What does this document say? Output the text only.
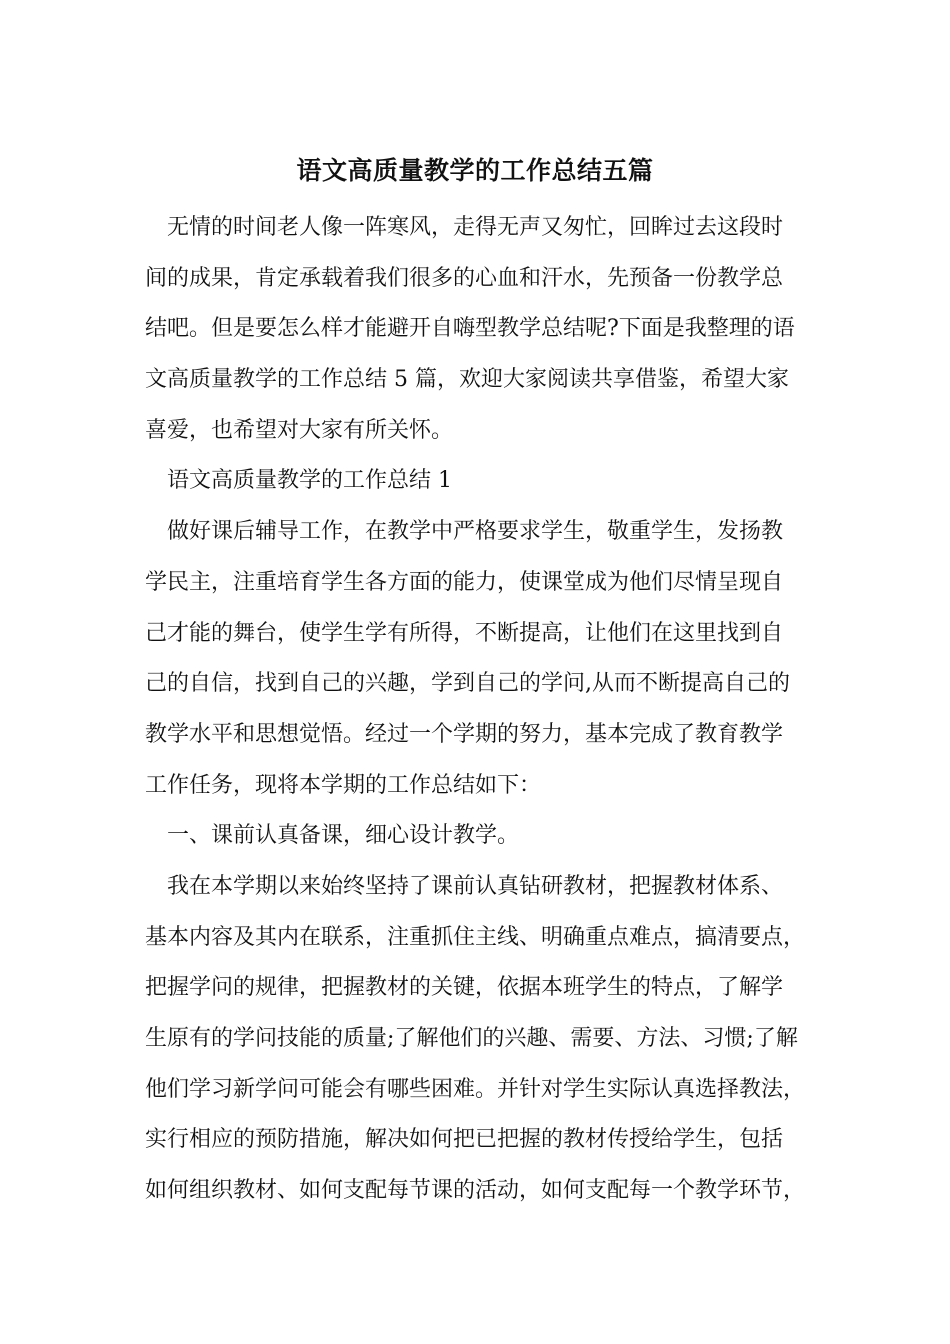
语文高质量教学的工作总结五篇
无情的时间老人像一阵寒风，走得无声又匆忙，回眸过去这段时
间的成果，肯定承载着我们很多的心血和汗水，先预备一份教学总
结吧。但是要怎么样才能避开自嗨型教学总结呢?下面是我整理的语
文高质量教学的工作总结 5 篇，欢迎大家阅读共享借鉴，希望大家
喜爱，也希望对大家有所关怀。
语文高质量教学的工作总结 1
做好课后辅导工作，在教学中严格要求学生，敬重学生，发扬教
学民主，注重培育学生各方面的能力，使课堂成为他们尽情呈现自
己才能的舞台，使学生学有所得，不断提高，让他们在这里找到自
己的自信，找到自己的兴趣，学到自己的学问,从而不断提高自己的
教学水平和思想觉悟。经过一个学期的努力，基本完成了教育教学
工作任务，现将本学期的工作总结如下：
一、课前认真备课，细心设计教学。
我在本学期以来始终坚持了课前认真钻研教材，把握教材体系、
基本内容及其内在联系，注重抓住主线、明确重点难点，搞清要点，
把握学问的规律，把握教材的关键，依据本班学生的特点，了解学
生原有的学问技能的质量;了解他们的兴趣、需要、方法、习惯;了解
他们学习新学问可能会有哪些困难。并针对学生实际认真选择教法，
实行相应的预防措施，解决如何把已把握的教材传授给学生，包括
如何组织教材、如何支配每节课的活动，如何支配每一个教学环节，
